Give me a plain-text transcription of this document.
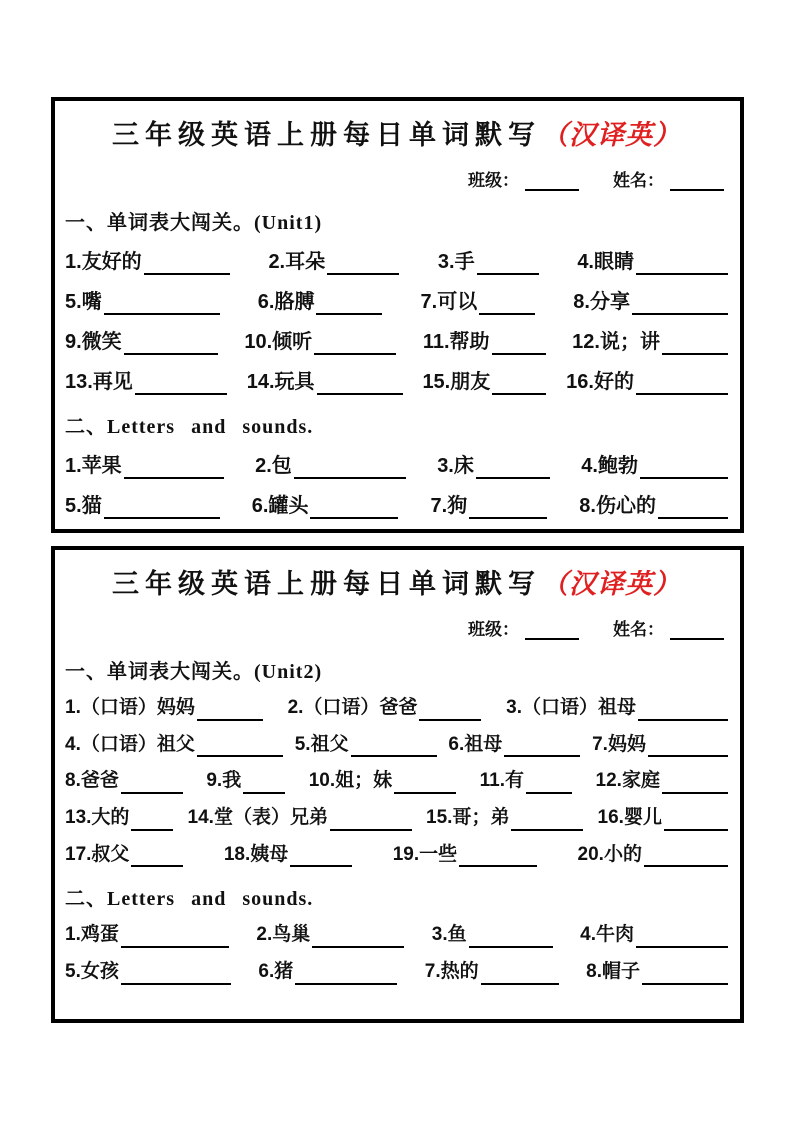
三年级英语上册每日单词默写（汉译英）
班级：	姓名：
一、单词表大闯关。(Unit1)
1. 友好的	2. 耳朵	3. 手	4. 眼睛
5. 嘴	6. 胳膊	7. 可以	8. 分享
9. 微笑	10. 倾听	11. 帮助	12. 说；讲
13. 再见	14. 玩具	15. 朋友	16. 好的
二、Letters and sounds.
1. 苹果	2. 包	3. 床	4. 鲍勃
5. 猫	6. 罐头	7. 狗	8. 伤心的
三年级英语上册每日单词默写（汉译英）
班级：	姓名：
一、单词表大闯关。(Unit2)
1. （口语）妈妈	2. （口语）爸爸	3. （口语）祖母
4. （口语）祖父	5. 祖父	6. 祖母	7. 妈妈
8. 爸爸	9. 我	10. 姐；妹	11. 有	12. 家庭
13. 大的	14. 堂（表）兄弟	15. 哥；弟	16. 婴儿
17. 叔父	18. 姨母	19. 一些	20. 小的
二、Letters and sounds.
1. 鸡蛋	2. 鸟巢	3. 鱼	4. 牛肉
5. 女孩	6. 猪	7. 热的	8. 帽子
